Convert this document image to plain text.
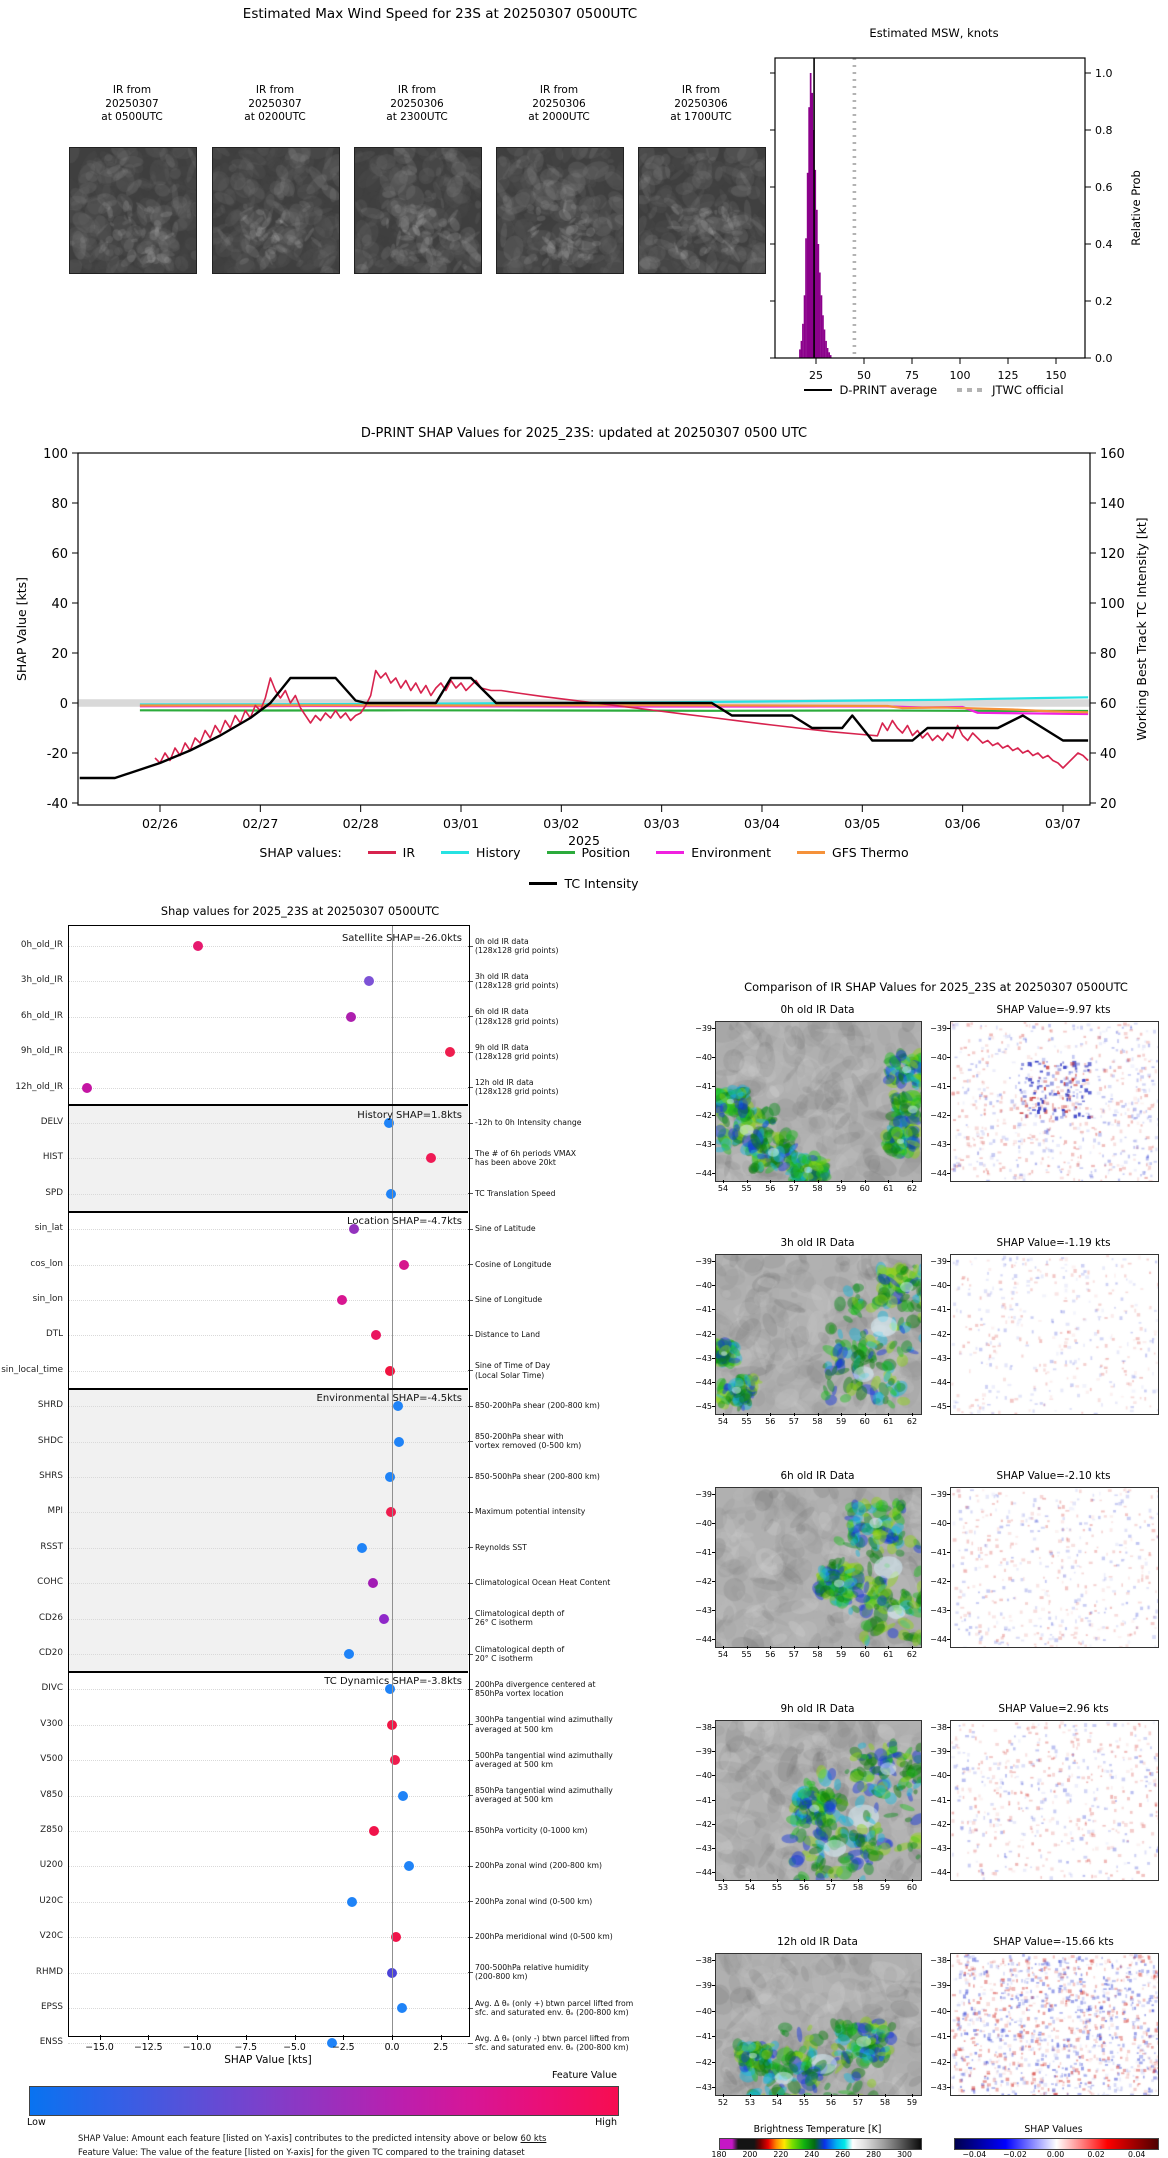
Estimated Max Wind Speed for 23S at 20250307 0500UTC
IR from
20250307
at 0500UTC
IR from
20250307
at 0200UTC
IR from
20250306
at 2300UTC
IR from
20250306
at 2000UTC
IR from
20250306
at 1700UTC
Estimated MSW, knots
25	50	75	100 125 150
0.0
0.2
0.4
0.6
0.8
1.0
Relative Prob
D-PRINT average	JTWC official
D-PRINT SHAP Values for 2025_23S: updated at 20250307 0500 UTC
-40
-20
0
20
40
60
80
100
20
40
60
80
100
120
140
160
02/26	02/27	02/28	03/01	03/02	03/03	03/04	03/05	03/06	03/07
2025
SHAP Value [kts]	Working Best Track TC Intensity [kt]
SHAP values:	IR	History	Position	Environment	GFS Thermo
TC Intensity
Shap values for 2025_23S at 20250307 0500UTC
0h_old_IR	0h old IR data
(128x128 grid points)
3h_old_IR	3h old IR data
(128x128 grid points)
6h_old_IR	6h old IR data
(128x128 grid points)
9h_old_IR	9h old IR data
(128x128 grid points)
12h_old_IR	12h old IR data
(128x128 grid points)
DELV	-12h to 0h Intensity change
HIST	The # of 6h periods VMAX
has been above 20kt
SPD	TC Translation Speed
sin_lat	Sine of Latitude
cos_lon	Cosine of Longitude
sin_lon	Sine of Longitude
DTL	Distance to Land
sin_local_time	Sine of Time of Day
(Local Solar Time)
SHRD	850-200hPa shear (200-800 km)
SHDC	850-200hPa shear with
vortex removed (0-500 km)
SHRS	850-500hPa shear (200-800 km)
MPI	Maximum potential intensity
RSST	Reynolds SST
COHC	Climatological Ocean Heat Content
CD26	Climatological depth of
26° C isotherm
CD20	Climatological depth of
20° C isotherm
DIVC	200hPa divergence centered at
850hPa vortex location
V300	300hPa tangential wind azimuthally
averaged at 500 km
V500	500hPa tangential wind azimuthally
averaged at 500 km
V850	850hPa tangential wind azimuthally
averaged at 500 km
Z850	850hPa vorticity (0-1000 km)
U200	200hPa zonal wind (200-800 km)
U20C	200hPa zonal wind (0-500 km)
V20C	200hPa meridional wind (0-500 km)
RHMD	700-500hPa relative humidity
(200-800 km)
EPSS	Avg. Δ θₑ (only +) btwn parcel lifted from
sfc. and saturated env. θₑ (200-800 km)
ENSS	Avg. Δ θₑ (only -) btwn parcel lifted from
sfc. and saturated env. θₑ (200-800 km)
Satellite SHAP=-26.0kts
History SHAP=1.8kts
Location SHAP=-4.7kts
Environmental SHAP=-4.5kts
TC Dynamics SHAP=-3.8kts
−15.0	−12.5	−10.0	−7.5	−5.0	−2.5	0.0	2.5
SHAP Value [kts]
Feature Value
Low	High
SHAP Value: Amount each feature [listed on Y-axis] contributes to the predicted intensity above or below 60 kts
Feature Value: The value of the feature [listed on Y-axis] for the given TC compared to the training dataset
Comparison of IR SHAP Values for 2025_23S at 20250307 0500UTC
0h old IR Data	SHAP Value=-9.97 kts
−39	−39
−40	−40
−41	−41
−42	−42
−43	−43
−44	−44
54	55	56	57	58	59	60	61	62
3h old IR Data	SHAP Value=-1.19 kts
−39	−39
−40	−40
−41	−41
−42	−42
−43	−43
−44	−44
−45	−45
54	55	56	57	58	59	60	61	62
6h old IR Data	SHAP Value=-2.10 kts
−39	−39
−40	−40
−41	−41
−42	−42
−43	−43
−44	−44
54	55	56	57	58	59	60	61	62
9h old IR Data	SHAP Value=2.96 kts
−38	−38
−39	−39
−40	−40
−41	−41
−42	−42
−43	−43
−44	−44
53	54	55	56	57	58	59	60
12h old IR Data	SHAP Value=-15.66 kts
−38	−38
−39	−39
−40	−40
−41	−41
−42	−42
−43	−43
52	53	54	55	56	57	58	59
Brightness Temperature [K]
180	200	220	240	260	280	300
SHAP Values
−0.04	−0.02	0.00	0.02	0.04
